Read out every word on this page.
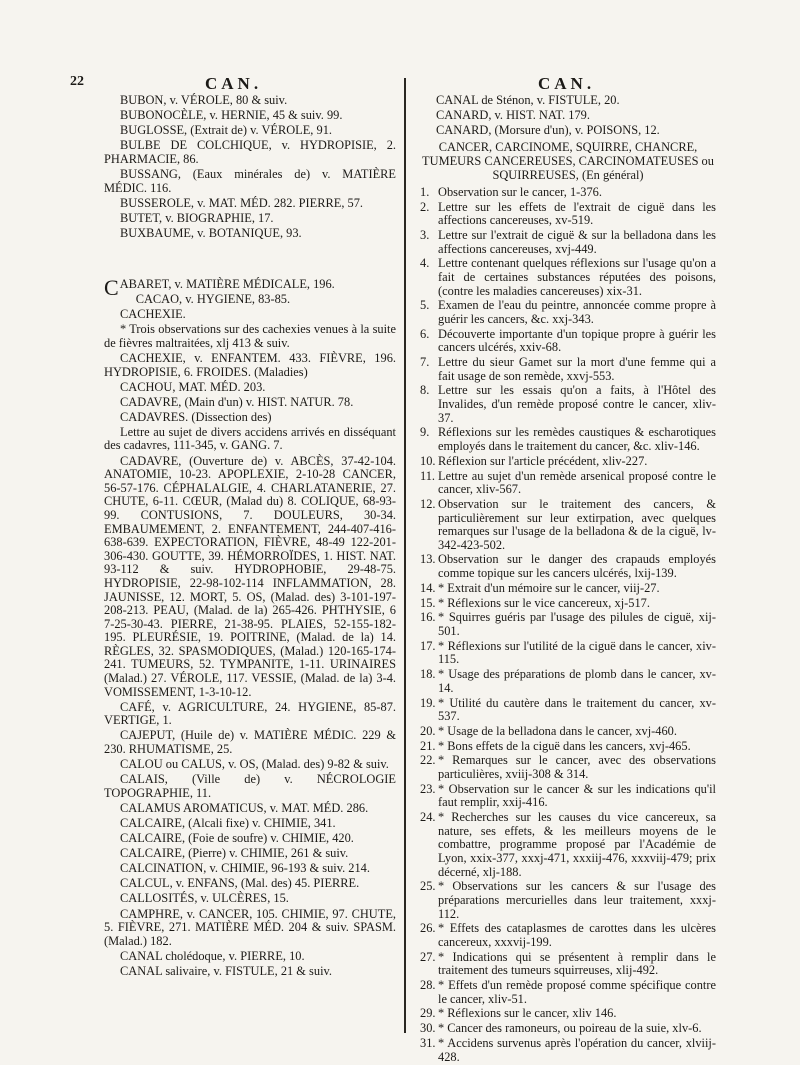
22	CAN.	CAN.

BUBON, v. VÉROLE, 80 & suiv.

BUBONOCÈLE, v. HERNIE, 45 & suiv. 99.

BUGLOSSE, (Extrait de) v. VÉROLE, 91.

BULBE DE COLCHIQUE, v. HYDROPISIE, 2. PHARMACIE, 86.

BUSSANG, (Eaux minérales de) v. MATIÈRE MÉDIC. 116.

BUSSEROLE, v. MAT. MÉD. 282. PIERRE, 57.

BUTET, v. BIOGRAPHIE, 17.

BUXBAUME, v. BOTANIQUE, 93.

C ABARET, v. MATIÈRE MÉDICALE, 196.

CACAO, v. HYGIENE, 83-85.

CACHEXIE.

* Trois observations sur des cachexies venues à la suite de fièvres maltraitées, xlj 413 & suiv.

CACHEXIE, v. ENFANTEM. 433. FIÈVRE, 196. HYDROPISIE, 6. FROIDES. (Maladies)

CACHOU, MAT. MÉD. 203.

CADAVRE, (Main d'un) v. HIST. NATUR. 78.

CADAVRES. (Dissection des)

Lettre au sujet de divers accidens arrivés en disséquant des cadavres, 111-345, v. GANG. 7.

CADAVRE, (Ouverture de) v. ABCÈS, 37-42-104. ANATOMIE, 10-23. APOPLEXIE, 2-10-28 CANCER, 56-57-176. CÉPHALALGIE, 4. CHARLATANERIE, 27. CHUTE, 6-11. CŒUR, (Malad du) 8. COLIQUE, 68-93-99. CONTUSIONS, 7. DOULEURS, 30-34. EMBAUMEMENT, 2. ENFANTEMENT, 244-407-416-638-639. EXPECTORATION, FIÈVRE, 48-49 122-201-306-430. GOUTTE, 39. HÉMORROÏDES, 1. HIST. NAT. 93-112 & suiv. HYDROPHOBIE, 29-48-75. HYDROPISIE, 22-98-102-114 INFLAMMATION, 28. JAUNISSE, 12. MORT, 5. OS, (Malad. des) 3-101-197-208-213. PEAU, (Malad. de la) 265-426. PHTHYSIE, 6 7-25-30-43. PIERRE, 21-38-95. PLAIES, 52-155-182-195. PLEURÉSIE, 19. POITRINE, (Malad. de la) 14. RÈGLES, 32. SPASMODIQUES, (Malad.) 120-165-174-241. TUMEURS, 52. TYMPANITE, 1-11. URINAIRES (Malad.) 27. VÉROLE, 117. VESSIE, (Malad. de la) 3-4. VOMISSEMENT, 1-3-10-12.

CAFÉ, v. AGRICULTURE, 24. HYGIENE, 85-87. VERTIGE, 1.

CAJEPUT, (Huile de) v. MATIÈRE MÉDIC. 229 & 230. RHUMATISME, 25.

CALOU ou CALUS, v. OS, (Malad. des) 9-82 & suiv.

CALAIS, (Ville de) v. NÉCROLOGIE TOPOGRAPHIE, 11.

CALAMUS AROMATICUS, v. MAT. MÉD. 286.

CALCAIRE, (Alcali fixe) v. CHIMIE, 341.

CALCAIRE, (Foie de soufre) v. CHIMIE, 420.

CALCAIRE, (Pierre) v. CHIMIE, 261 & suiv.

CALCINATION, v. CHIMIE, 96-193 & suiv. 214.

CALCUL, v. ENFANS, (Mal. des) 45. PIERRE.

CALLOSITÉS, v. ULCÈRES, 15.

CAMPHRE, v. CANCER, 105. CHIMIE, 97. CHUTE, 5. FIÈVRE, 271. MATIÈRE MÉD. 204 & suiv. SPASM. (Malad.) 182.

CANAL cholédoque, v. PIERRE, 10.

CANAL salivaire, v. FISTULE, 21 & suiv.

CANAL de Sténon, v. FISTULE, 20.

CANARD, v. HIST. NAT. 179.

CANARD, (Morsure d'un), v. POISONS, 12.

CANCER, CARCINOME, SQUIRRE, CHANCRE, TUMEURS CANCEREUSES, CARCINOMATEUSES ou SQUIRREUSES, (En général)
1. Observation sur le cancer, 1-376.
2. Lettre sur les effets de l'extrait de ciguë dans les affections cancereuses, xv-519.
3. Lettre sur l'extrait de ciguë & sur la belladona dans les affections cancereuses, xvj-449.
4. Lettre contenant quelques réflexions sur l'usage qu'on a fait de certaines substances réputées des poisons, (contre les maladies cancereuses) xix-31.
5. Examen de l'eau du peintre, annoncée comme propre à guérir les cancers, &c. xxj-343.
6. Découverte importante d'un topique propre à guérir les cancers ulcérés, xxiv-68.
7. Lettre du sieur Gamet sur la mort d'une femme qui a fait usage de son remède, xxvj-553.
8. Lettre sur les essais qu'on a faits, à l'Hôtel des Invalides, d'un remède proposé contre le cancer, xliv-37.
9. Réflexions sur les remèdes caustiques & escharotiques employés dans le traitement du cancer, &c. xliv-146.
10. Réflexion sur l'article précédent, xliv-227.
11. Lettre au sujet d'un remède arsenical proposé contre le cancer, xliv-567.
12. Observation sur le traitement des cancers, & particulièrement sur leur extirpation, avec quelques remarques sur l'usage de la belladona & de la ciguë, lv-342-423-502.
13. Observation sur le danger des crapauds employés comme topique sur les cancers ulcérés, lxij-139.
14. * Extrait d'un mémoire sur le cancer, viij-27.
15. * Réflexions sur le vice cancereux, xj-517.
16. * Squirres guéris par l'usage des pilules de ciguë, xij-501.
17. * Réflexions sur l'utilité de la ciguë dans le cancer, xiv-115.
18. * Usage des préparations de plomb dans le cancer, xv-14.
19. * Utilité du cautère dans le traitement du cancer, xv-537.
20. * Usage de la belladona dans le cancer, xvj-460.
21. * Bons effets de la ciguë dans les cancers, xvj-465.
22. * Remarques sur le cancer, avec des observations particulières, xviij-308 & 314.
23. * Observation sur le cancer & sur les indications qu'il faut remplir, xxij-416.
24. * Recherches sur les causes du vice cancereux, sa nature, ses effets, & les meilleurs moyens de le combattre, programme proposé par l'Académie de Lyon, xxix-377, xxxj-471, xxxiij-476, xxxviij-479; prix décerné, xlj-188.
25. * Observations sur les cancers & sur l'usage des préparations mercurielles dans leur traitement, xxxj-112.
26. * Effets des cataplasmes de carottes dans les ulcères cancereux, xxxvij-199.
27. * Indications qui se présentent à remplir dans le traitement des tumeurs squirreuses, xlij-492.
28. * Effets d'un remède proposé comme spécifique contre le cancer, xliv-51.
29. * Réflexions sur le cancer, xliv 146.
30. * Cancer des ramoneurs, ou poireau de la suie, xlv-6.
31. * Accidens survenus après l'opération du cancer, xlviij-428.
